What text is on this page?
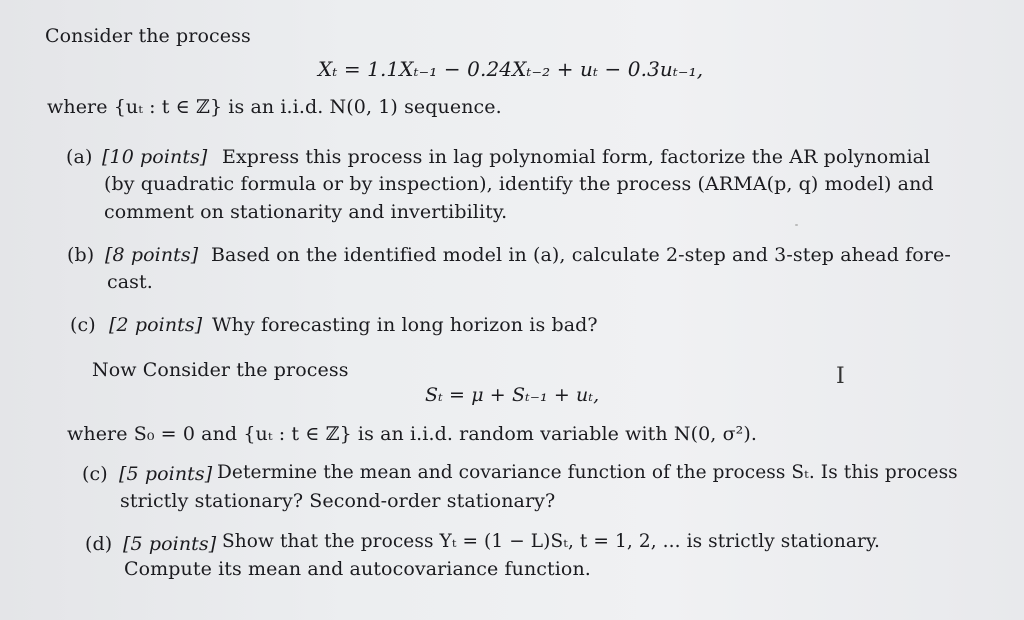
Consider the process
Xₜ = 1.1Xₜ₋₁ − 0.24Xₜ₋₂ + uₜ − 0.3uₜ₋₁,
where {uₜ : t ∈ ℤ} is an i.i.d. N(0, 1) sequence.
(a) [10 points] Express this process in lag polynomial form, factorize the AR polynomial
(by quadratic formula or by inspection), identify the process (ARMA(p, q) model) and
comment on stationarity and invertibility.
(b) [8 points] Based on the identified model in (a), calculate 2-step and 3-step ahead fore-
cast.
(c) [2 points] Why forecasting in long horizon is bad?
Now Consider the process	I
Sₜ = μ + Sₜ₋₁ + uₜ,
where S₀ = 0 and {uₜ : t ∈ ℤ} is an i.i.d. random variable with N(0, σ²).
(c) [5 points] Determine the mean and covariance function of the process Sₜ. Is this process
strictly stationary? Second-order stationary?
(d) [5 points] Show that the process Yₜ = (1 − L)Sₜ, t = 1, 2, ... is strictly stationary.
Compute its mean and autocovariance function.
